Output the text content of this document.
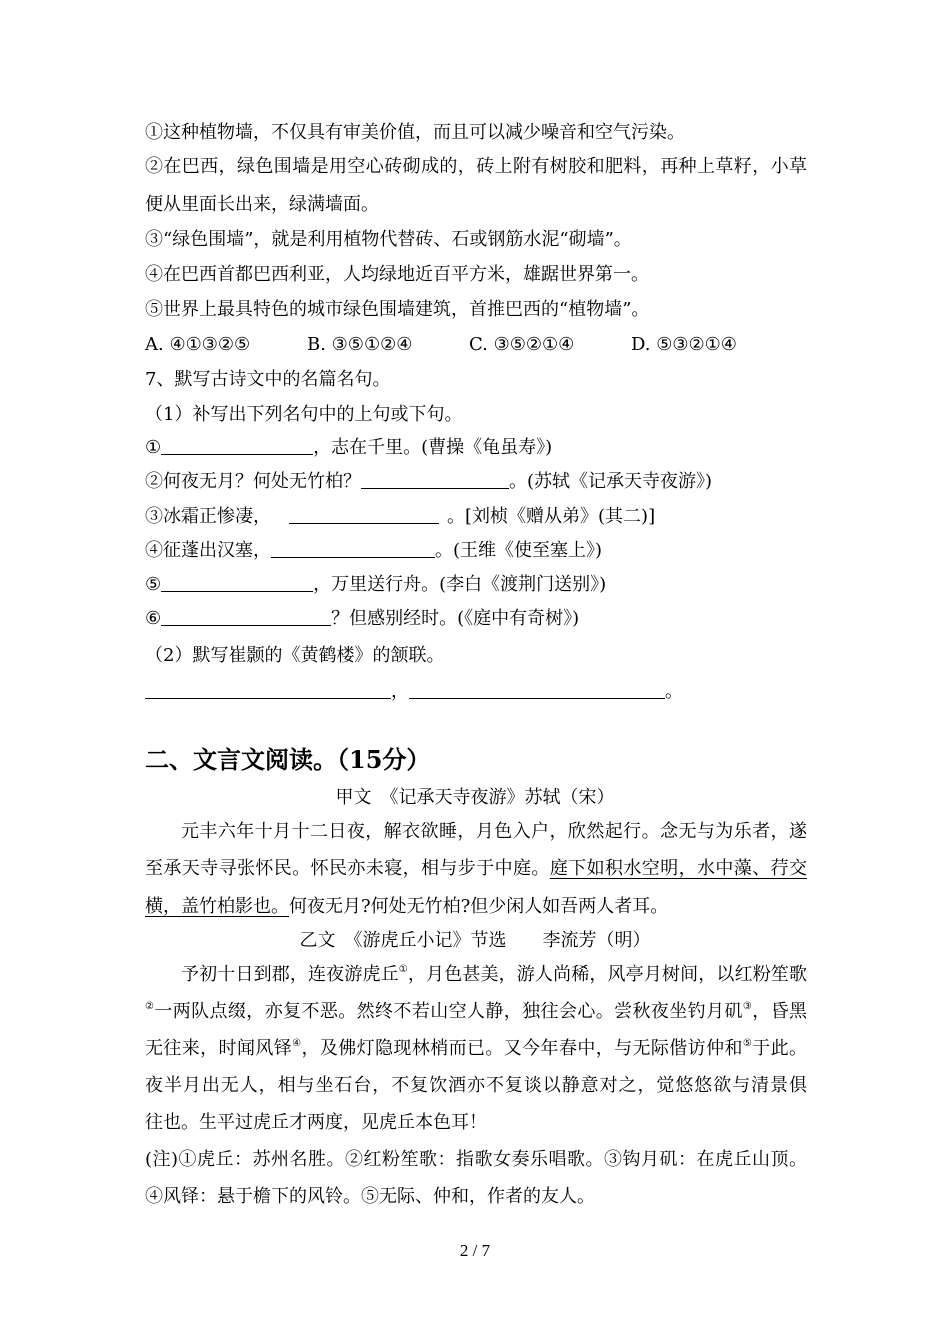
①这种植物墙，不仅具有审美价值，而且可以减少噪音和空气污染。
②在巴西，绿色围墙是用空心砖砌成的，砖上附有树胶和肥料，再种上草籽，小草
便从里面长出来，绿满墙面。
③“绿色围墙”，就是利用植物代替砖、石或钢筋水泥“砌墙”。
④在巴西首都巴西利亚，人均绿地近百平方米，雄踞世界第一。
⑤世界上最具特色的城市绿色围墙建筑，首推巴西的“植物墙”。
A. ④①③②⑤	B. ③⑤①②④	C. ③⑤②①④	D. ⑤③②①④
7、默写古诗文中的名篇名句。
（1）补写出下列名句中的上句或下句。
①	，志在千里。(曹操《龟虽寿》)
②何夜无月？何处无竹柏？	。(苏轼《记承天寺夜游》)
③冰霜正惨凄，	。[刘桢《赠从弟》(其二)]
④征蓬出汉塞，	。(王维《使至塞上》)
⑤	，万里送行舟。(李白《渡荆门送别》)
⑥	？但感别经时。(《庭中有奇树》)
（2）默写崔颢的《黄鹤楼》的颔联。
，	。
二、文言文阅读。（15分）
甲文　《记承天寺夜游》苏轼（宋）
元丰六年十月十二日夜，解衣欲睡，月色入户，欣然起行。念无与为乐者，遂
至承天寺寻张怀民。怀民亦未寝，相与步于中庭。庭下如积水空明，水中藻、荇交
横，盖竹柏影也。何夜无月?何处无竹柏?但少闲人如吾两人者耳。
乙文　《游虎丘小记》节选　　李流芳（明）
予初十日到郡，连夜游虎丘①，月色甚美，游人尚稀，风亭月树间，以红粉笙歌
②一两队点缀，亦复不恶。然终不若山空人静，独往会心。尝秋夜坐钓月矶③，昏黑
无往来，时闻风铎④，及佛灯隐现林梢而已。又今年春中，与无际偕访仲和⑤于此。
夜半月出无人，相与坐石台，不复饮酒亦不复谈以静意对之，觉悠悠欲与清景俱
往也。生平过虎丘才两度，见虎丘本色耳！
(注)①虎丘：苏州名胜。②红粉笙歌：指歌女奏乐唱歌。③钩月矶：在虎丘山顶。
④风铎：悬于檐下的风铃。⑤无际、仲和，作者的友人。
2 / 7
